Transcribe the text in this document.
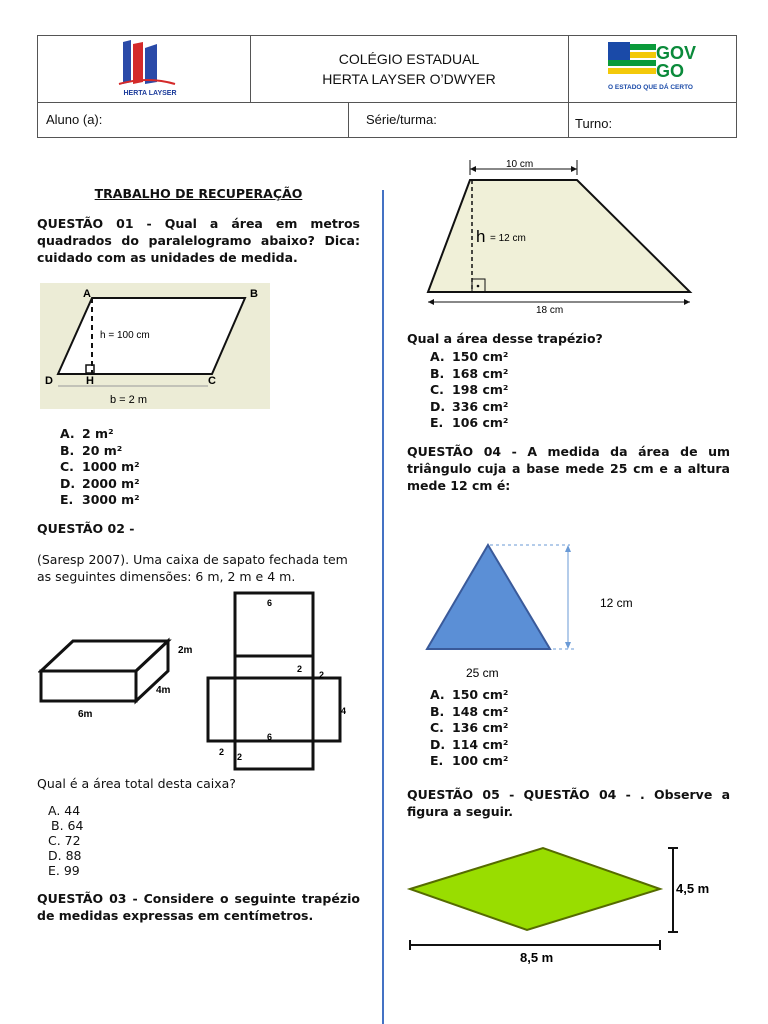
HERTA LAYSER
COLÉGIO ESTADUAL
HERTA LAYSER O’DWYER
GOV GO
O ESTADO QUE DÁ CERTO
Aluno (a):	Série/turma:	Turno:
TRABALHO DE RECUPERAÇÃO
QUESTÃO 01 - Qual a área em metros quadrados do paralelogramo abaixo? Dica: cuidado com as unidades de medida.
A	B
C
D	H
h = 100 cm
b = 2 m
A. 2 m²
B. 20 m²
C. 1000 m²
D. 2000 m²
E. 3000 m²
QUESTÃO 02 -
(Saresp 2007). Uma caixa de sapato fechada tem as seguintes dimensões: 6 m, 2 m e 4 m.
2m
4m
6m
6
2
2
4
6
2 2
Qual é a área total desta caixa?
A. 44
B. 64
C. 72
D. 88
E. 99
QUESTÃO 03 - Considere o seguinte trapézio de medidas expressas em centímetros.
10 cm
h = 12 cm
18 cm
Qual a área desse trapézio?
A. 150 cm²
B. 168 cm²
C. 198 cm²
D. 336 cm²
E. 106 cm²
QUESTÃO 04 - A medida da área de um triângulo cuja a base mede 25 cm e a altura mede 12 cm é:
12 cm
25 cm
A. 150 cm²
B. 148 cm²
C. 136 cm²
D. 114 cm²
E. 100 cm²
QUESTÃO 05 - QUESTÃO 04 - . Observe a figura a seguir.
4,5 m
8,5 m
